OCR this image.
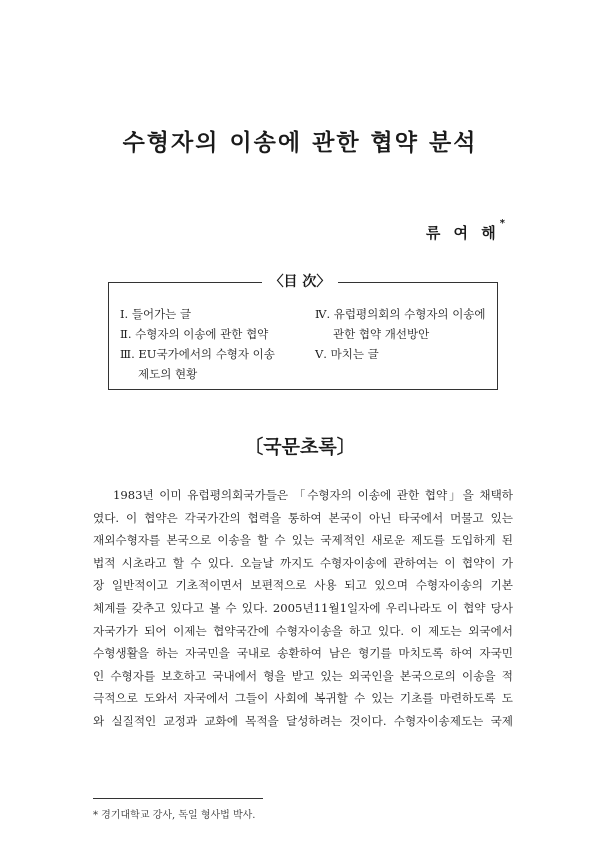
수형자의 이송에 관한 협약 분석
류 여 해*
〈目 次〉
Ⅰ. 들어가는 글
Ⅱ. 수형자의 이송에 관한 협약
Ⅲ. EU국가에서의 수형자 이송
제도의 현황
Ⅳ. 유럽평의회의 수형자의 이송에
관한 협약 개선방안
Ⅴ. 마치는 글
〔국문초록〕
1983년 이미 유럽평의회국가들은 「수형자의 이송에 관한 협약」을 채택하
였다. 이 협약은 각국가간의 협력을 통하여 본국이 아닌 타국에서 머물고 있는
재외수형자를 본국으로 이송을 할 수 있는 국제적인 새로운 제도를 도입하게 된
법적 시초라고 할 수 있다. 오늘날 까지도 수형자이송에 관하여는 이 협약이 가
장 일반적이고 기초적이면서 보편적으로 사용 되고 있으며 수형자이송의 기본
체계를 갖추고 있다고 볼 수 있다. 2005년11월1일자에 우리나라도 이 협약 당사
자국가가 되어 이제는 협약국간에 수형자이송을 하고 있다. 이 제도는 외국에서
수형생활을 하는 자국민을 국내로 송환하여 남은 형기를 마치도록 하여 자국민
인 수형자를 보호하고 국내에서 형을 받고 있는 외국인을 본국으로의 이송을 적
극적으로 도와서 자국에서 그들이 사회에 복귀할 수 있는 기초를 마련하도록 도
와 실질적인 교정과 교화에 목적을 달성하려는 것이다. 수형자이송제도는 국제
* 경기대학교 강사, 독일 형사법 박사.
